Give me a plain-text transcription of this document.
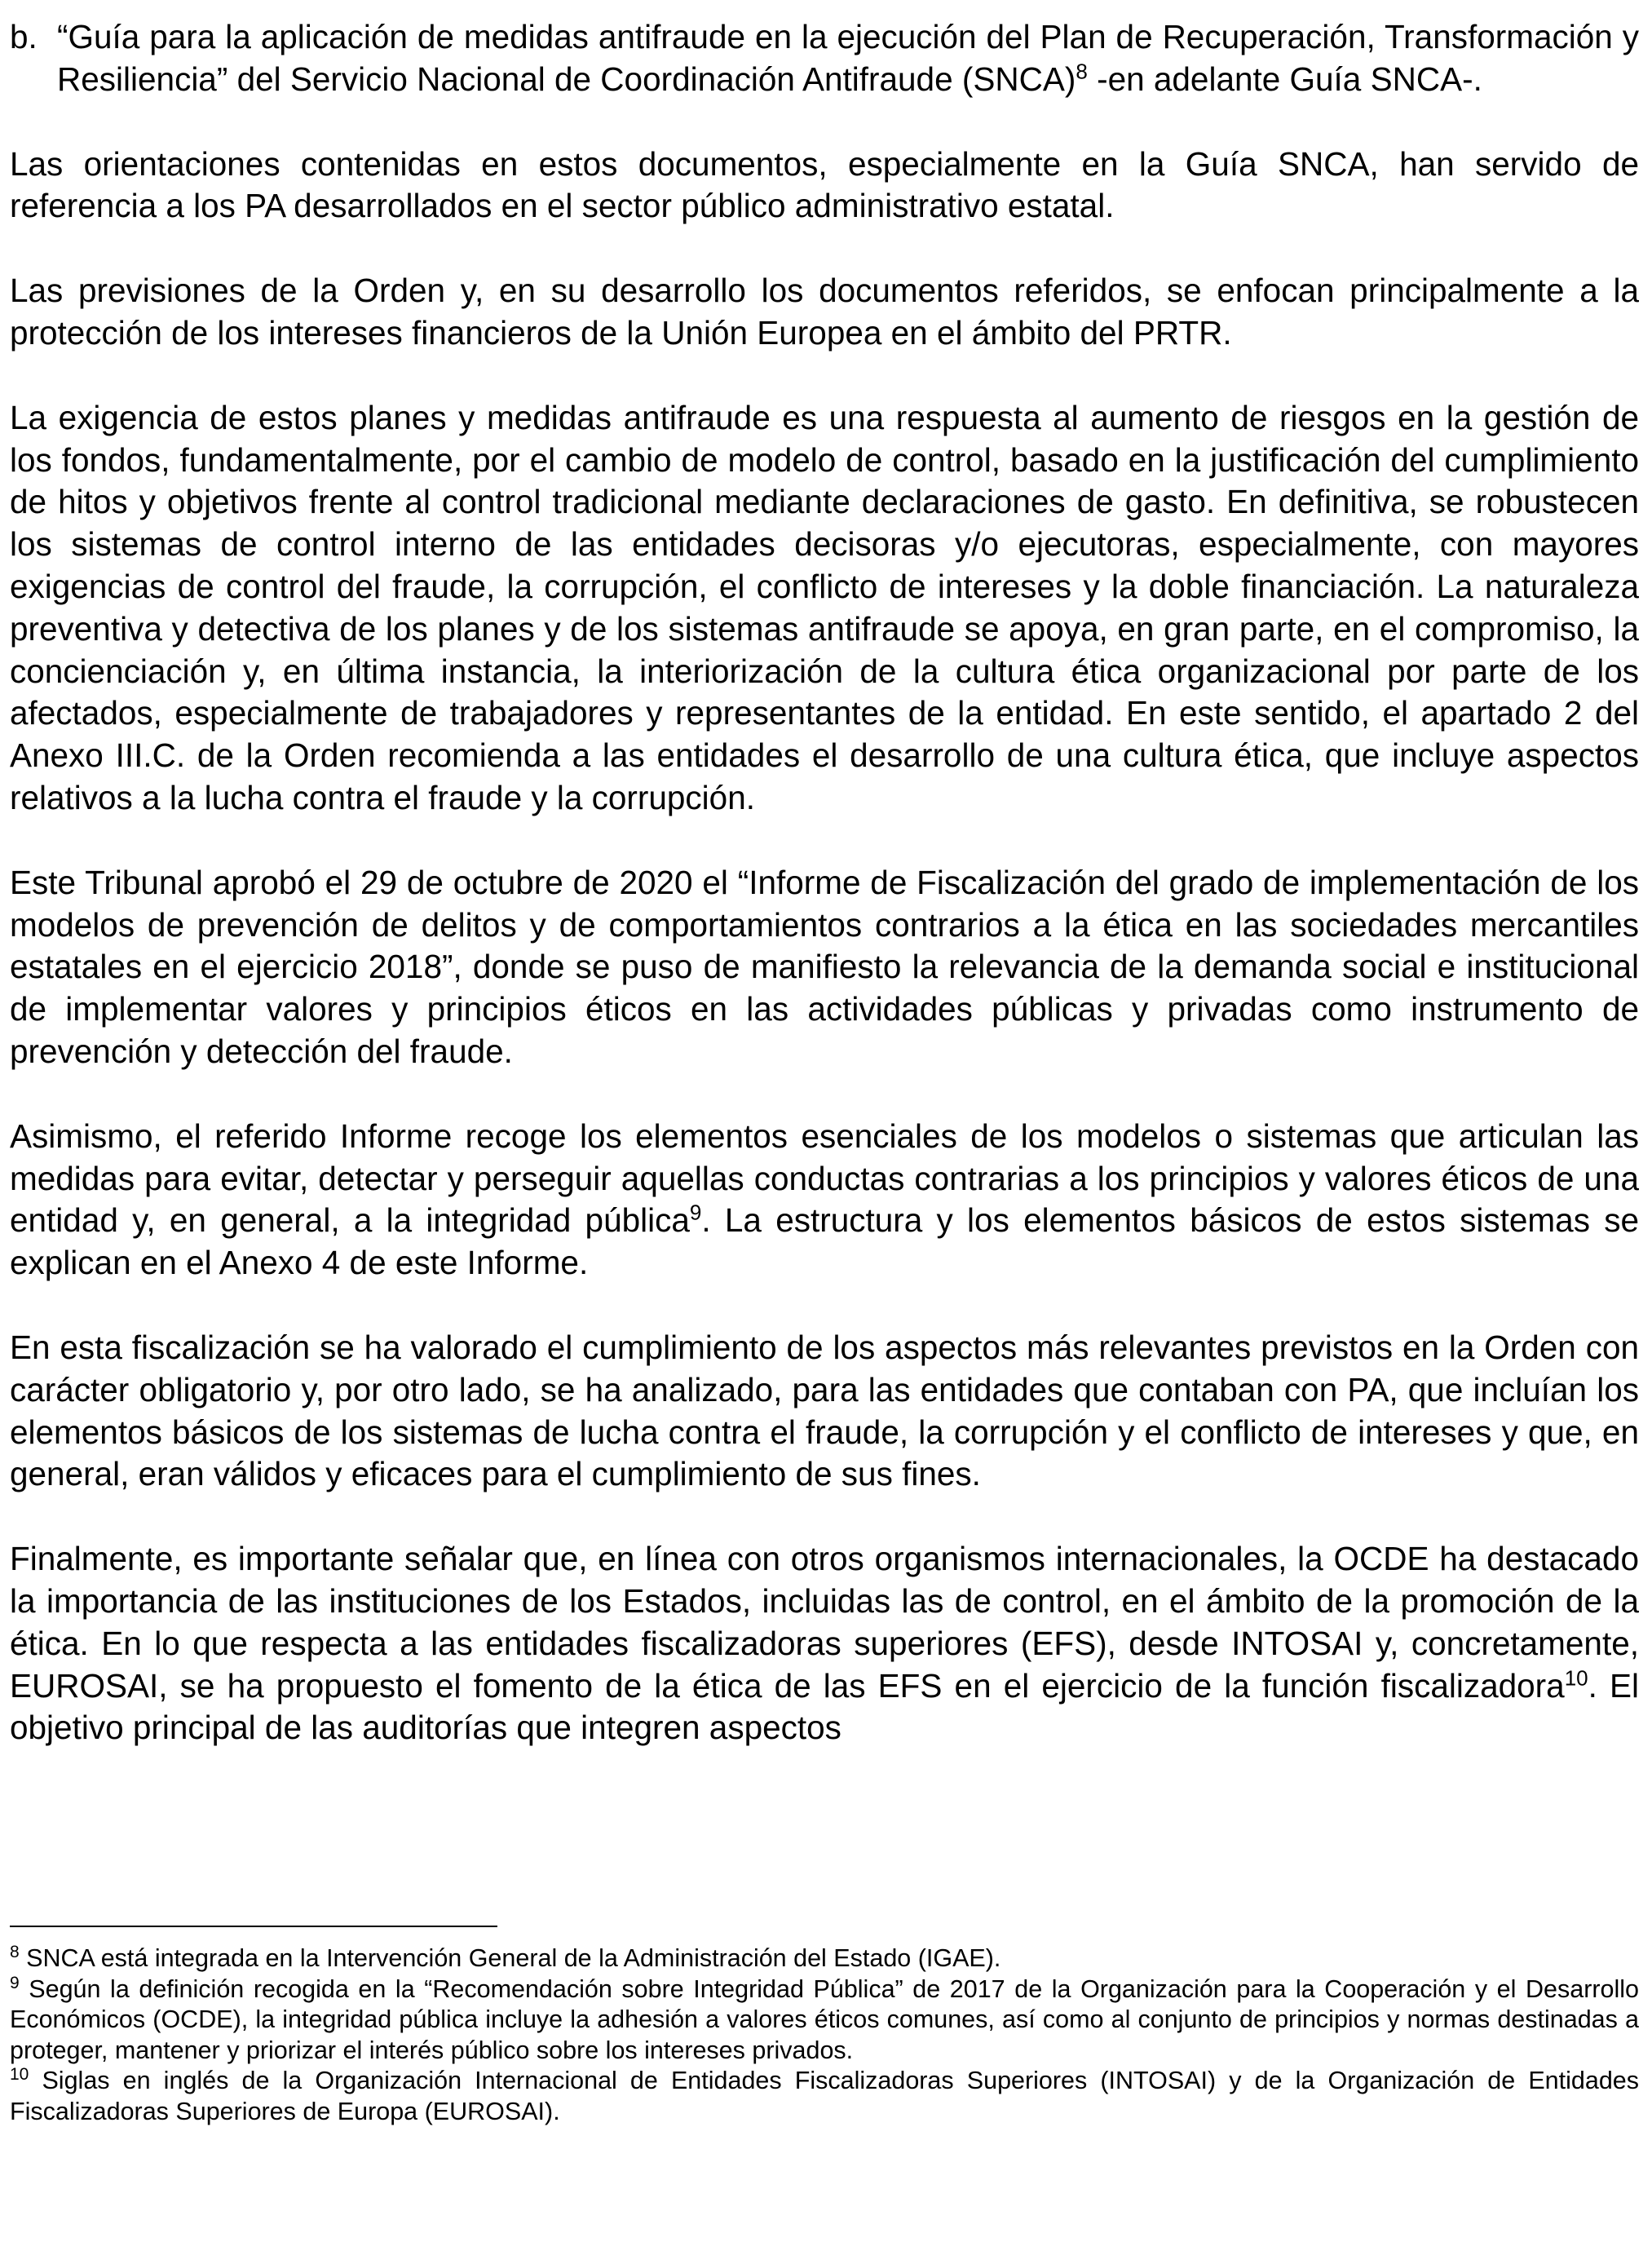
b. “Guía para la aplicación de medidas antifraude en la ejecución del Plan de Recuperación, Transformación y Resiliencia” del Servicio Nacional de Coordinación Antifraude (SNCA)$^8$ -en adelante Guía SNCA-.

Las orientaciones contenidas en estos documentos, especialmente en la Guía SNCA, han servido de referencia a los PA desarrollados en el sector público administrativo estatal.

Las previsiones de la Orden y, en su desarrollo los documentos referidos, se enfocan principalmente a la protección de los intereses financieros de la Unión Europea en el ámbito del PRTR.

La exigencia de estos planes y medidas antifraude es una respuesta al aumento de riesgos en la gestión de los fondos, fundamentalmente, por el cambio de modelo de control, basado en la justificación del cumplimiento de hitos y objetivos frente al control tradicional mediante declaraciones de gasto. En definitiva, se robustecen los sistemas de control interno de las entidades decisoras y/o ejecutoras, especialmente, con mayores exigencias de control del fraude, la corrupción, el conflicto de intereses y la doble financiación. La naturaleza preventiva y detectiva de los planes y de los sistemas antifraude se apoya, en gran parte, en el compromiso, la concienciación y, en última instancia, la interiorización de la cultura ética organizacional por parte de los afectados, especialmente de trabajadores y representantes de la entidad. En este sentido, el apartado 2 del Anexo III.C. de la Orden recomienda a las entidades el desarrollo de una cultura ética, que incluye aspectos relativos a la lucha contra el fraude y la corrupción.

Este Tribunal aprobó el 29 de octubre de 2020 el “Informe de Fiscalización del grado de implementación de los modelos de prevención de delitos y de comportamientos contrarios a la ética en las sociedades mercantiles estatales en el ejercicio 2018”, donde se puso de manifiesto la relevancia de la demanda social e institucional de implementar valores y principios éticos en las actividades públicas y privadas como instrumento de prevención y detección del fraude.

Asimismo, el referido Informe recoge los elementos esenciales de los modelos o sistemas que articulan las medidas para evitar, detectar y perseguir aquellas conductas contrarias a los principios y valores éticos de una entidad y, en general, a la integridad pública$^9$. La estructura y los elementos básicos de estos sistemas se explican en el Anexo 4 de este Informe.

En esta fiscalización se ha valorado el cumplimiento de los aspectos más relevantes previstos en la Orden con carácter obligatorio y, por otro lado, se ha analizado, para las entidades que contaban con PA, que incluían los elementos básicos de los sistemas de lucha contra el fraude, la corrupción y el conflicto de intereses y que, en general, eran válidos y eficaces para el cumplimiento de sus fines.

Finalmente, es importante señalar que, en línea con otros organismos internacionales, la OCDE ha destacado la importancia de las instituciones de los Estados, incluidas las de control, en el ámbito de la promoción de la ética. En lo que respecta a las entidades fiscalizadoras superiores (EFS), desde INTOSAI y, concretamente, EUROSAI, se ha propuesto el fomento de la ética de las EFS en el ejercicio de la función fiscalizadora$^{10}$. El objetivo principal de las auditorías que integren aspectos

$^8$ SNCA está integrada en la Intervención General de la Administración del Estado (IGAE).

$^9$ Según la definición recogida en la “Recomendación sobre Integridad Pública” de 2017 de la Organización para la Cooperación y el Desarrollo Económicos (OCDE), la integridad pública incluye la adhesión a valores éticos comunes, así como al conjunto de principios y normas destinadas a proteger, mantener y priorizar el interés público sobre los intereses privados.

$^{10}$ Siglas en inglés de la Organización Internacional de Entidades Fiscalizadoras Superiores (INTOSAI) y de la Organización de Entidades Fiscalizadoras Superiores de Europa (EUROSAI).
